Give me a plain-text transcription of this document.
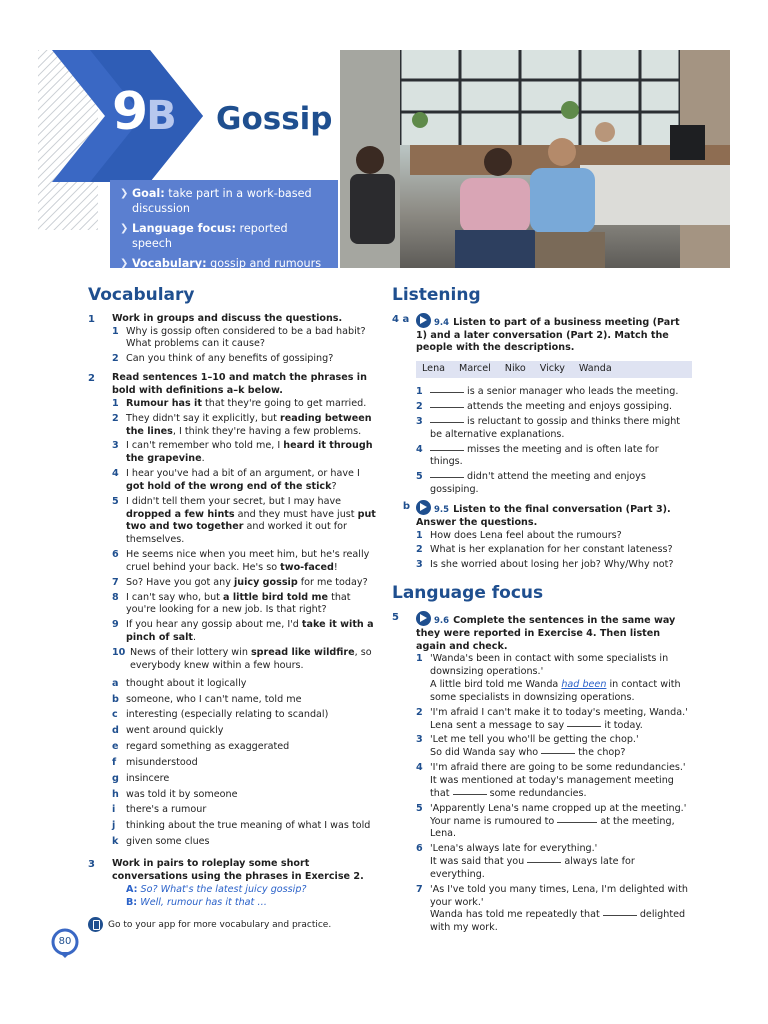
9B Gossip
❯ Goal: take part in a work-based discussion
❯ Language focus: reported speech
❯ Vocabulary: gossip and rumours
Vocabulary
1	Work in groups and discuss the questions.
1 Why is gossip often considered to be a bad habit? What problems can it cause?
2 Can you think of any benefits of gossiping?
2	Read sentences 1–10 and match the phrases in bold with definitions a–k below.
1 Rumour has it that they're going to get married.
2 They didn't say it explicitly, but reading between the lines, I think they're having a few problems.
3 I can't remember who told me, I heard it through the grapevine.
4 I hear you've had a bit of an argument, or have I got hold of the wrong end of the stick?
5 I didn't tell them your secret, but I may have dropped a few hints and they must have just put two and two together and worked it out for themselves.
6 He seems nice when you meet him, but he's really cruel behind your back. He's so two-faced!
7 So? Have you got any juicy gossip for me today?
8 I can't say who, but a little bird told me that you're looking for a new job. Is that right?
9 If you hear any gossip about me, I'd take it with a pinch of salt.
10 News of their lottery win spread like wildfire, so everybody knew within a few hours.
a thought about it logically
b someone, who I can't name, told me
c interesting (especially relating to scandal)
d went around quickly
e regard something as exaggerated
f	misunderstood
g insincere
h was told it by someone
i	there's a rumour
j	thinking about the true meaning of what I was told
k given some clues
3	Work in pairs to roleplay some short conversations using the phrases in Exercise 2.
A: So? What's the latest juicy gossip?
B: Well, rumour has it that …
Go to your app for more vocabulary and practice.
Listening
4 a	9.4 Listen to part of a business meeting (Part 1) and a later conversation (Part 2). Match the people with the descriptions.
Lena Marcel Niko Vicky Wanda
1	is a senior manager who leads the meeting.
2	attends the meeting and enjoys gossiping.
3	is reluctant to gossip and thinks there might be alternative explanations.
4	misses the meeting and is often late for things.
5	didn't attend the meeting and enjoys gossiping.
b	9.5 Listen to the final conversation (Part 3). Answer the questions.
1 How does Lena feel about the rumours?
2 What is her explanation for her constant lateness?
3 Is she worried about losing her job? Why/Why not?
Language focus
5	9.6 Complete the sentences in the same way they were reported in Exercise 4. Then listen again and check.
1 'Wanda's been in contact with some specialists in downsizing operations.'
A little bird told me Wanda had been in contact with some specialists in downsizing operations.
2 'I'm afraid I can't make it to today's meeting, Wanda.'
Lena sent a message to say	it today.
3 'Let me tell you who'll be getting the chop.'
So did Wanda say who	the chop?
4 'I'm afraid there are going to be some redundancies.'
It was mentioned at today's management meeting that	some redundancies.
5 'Apparently Lena's name cropped up at the meeting.'
Your name is rumoured to	at the meeting, Lena.
6 'Lena's always late for everything.'
It was said that you	always late for everything.
7 'As I've told you many times, Lena, I'm delighted with your work.'
Wanda has told me repeatedly that	delighted with my work.
80
